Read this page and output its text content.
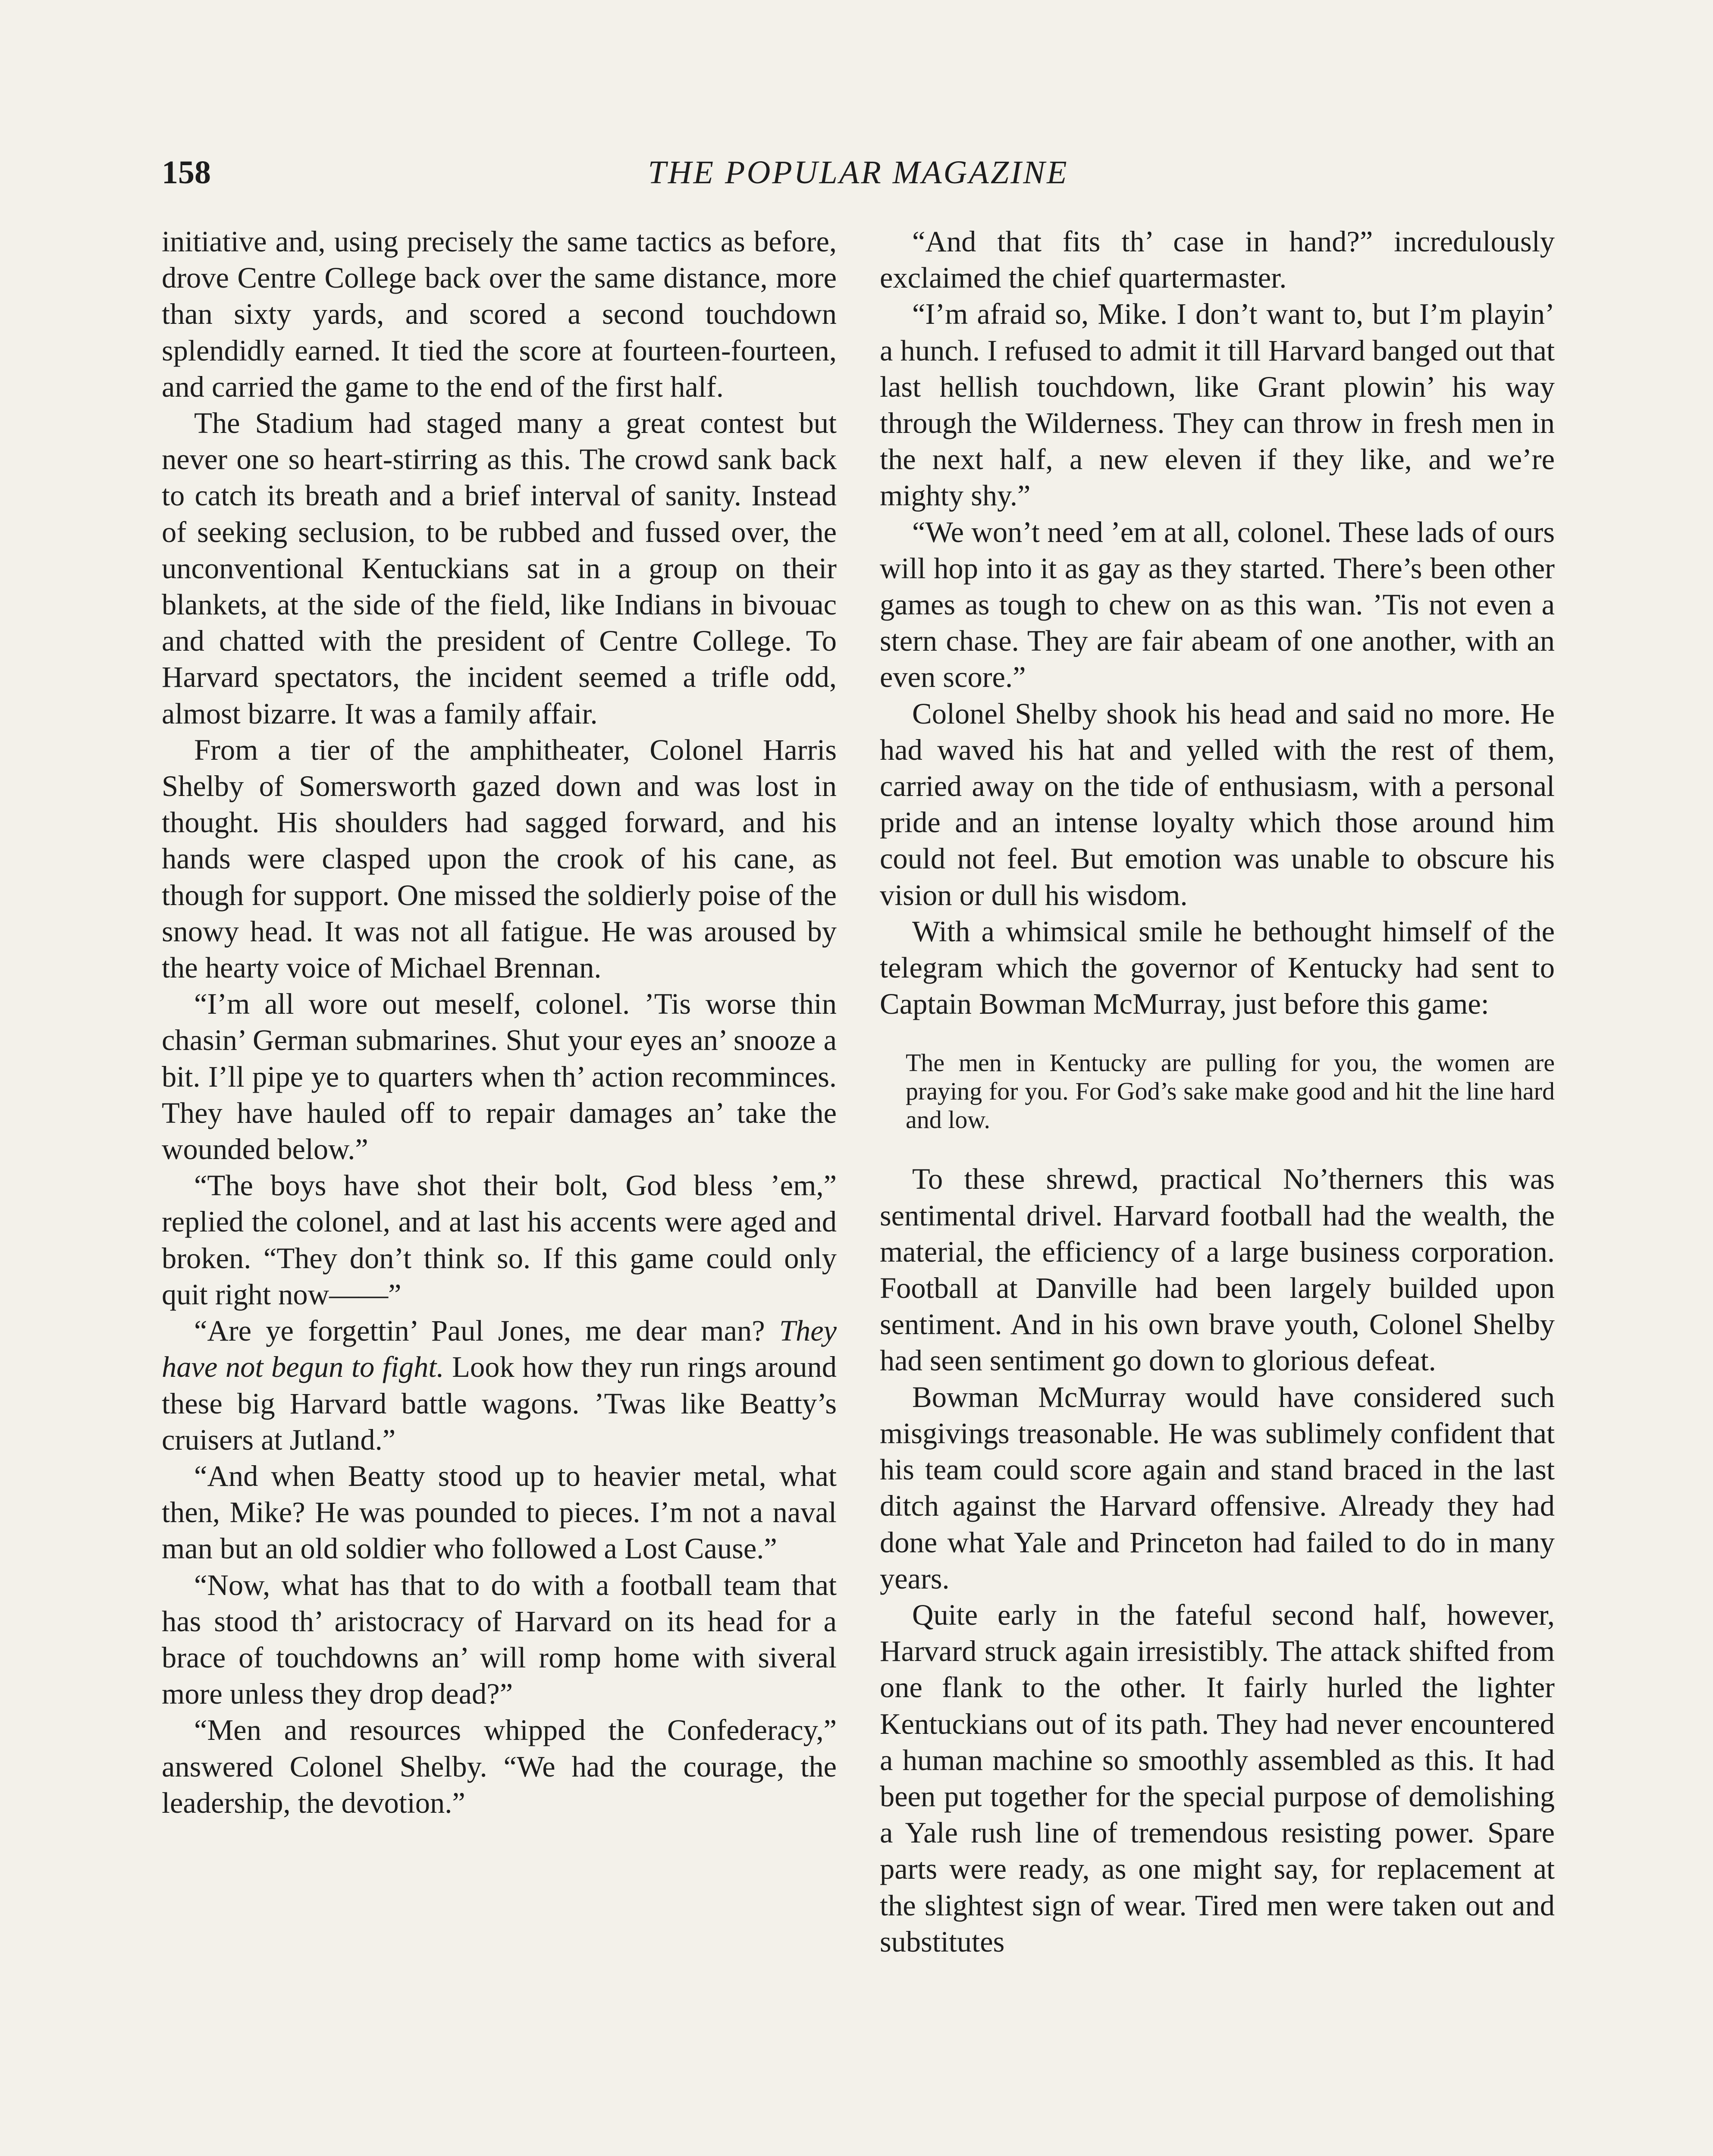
158	THE POPULAR MAGAZINE

initiative and, using precisely the same tactics as before, drove Centre College back over the same distance, more than sixty yards, and scored a second touchdown splendidly earned. It tied the score at fourteen-fourteen, and carried the game to the end of the first half.

The Stadium had staged many a great contest but never one so heart-stirring as this. The crowd sank back to catch its breath and a brief interval of sanity. Instead of seeking seclusion, to be rubbed and fussed over, the unconventional Kentuckians sat in a group on their blankets, at the side of the field, like Indians in bivouac and chatted with the president of Centre College. To Harvard spectators, the incident seemed a trifle odd, almost bizarre. It was a family affair.

From a tier of the amphitheater, Colonel Harris Shelby of Somersworth gazed down and was lost in thought. His shoulders had sagged forward, and his hands were clasped upon the crook of his cane, as though for support. One missed the soldierly poise of the snowy head. It was not all fatigue. He was aroused by the hearty voice of Michael Brennan.

“I’m all wore out meself, colonel. ’Tis worse thin chasin’ German submarines. Shut your eyes an’ snooze a bit. I’ll pipe ye to quarters when th’ action recomminces. They have hauled off to repair damages an’ take the wounded below.”

“The boys have shot their bolt, God bless ’em,” replied the colonel, and at last his accents were aged and broken. “They don’t think so. If this game could only quit right now——”

“Are ye forgettin’ Paul Jones, me dear man? They have not begun to fight. Look how they run rings around these big Harvard battle wagons. ’Twas like Beatty’s cruisers at Jutland.”

“And when Beatty stood up to heavier metal, what then, Mike? He was pounded to pieces. I’m not a naval man but an old soldier who followed a Lost Cause.”

“Now, what has that to do with a football team that has stood th’ aristocracy of Harvard on its head for a brace of touchdowns an’ will romp home with siveral more unless they drop dead?”

“Men and resources whipped the Confederacy,” answered Colonel Shelby. “We had the courage, the leadership, the devotion.”

“And that fits th’ case in hand?” incredulously exclaimed the chief quartermaster.

“I’m afraid so, Mike. I don’t want to, but I’m playin’ a hunch. I refused to admit it till Harvard banged out that last hellish touchdown, like Grant plowin’ his way through the Wilderness. They can throw in fresh men in the next half, a new eleven if they like, and we’re mighty shy.”

“We won’t need ’em at all, colonel. These lads of ours will hop into it as gay as they started. There’s been other games as tough to chew on as this wan. ’Tis not even a stern chase. They are fair abeam of one another, with an even score.”

Colonel Shelby shook his head and said no more. He had waved his hat and yelled with the rest of them, carried away on the tide of enthusiasm, with a personal pride and an intense loyalty which those around him could not feel. But emotion was unable to obscure his vision or dull his wisdom.

With a whimsical smile he bethought himself of the telegram which the governor of Kentucky had sent to Captain Bowman McMurray, just before this game:

The men in Kentucky are pulling for you, the women are praying for you. For God’s sake make good and hit the line hard and low.

To these shrewd, practical No’therners this was sentimental drivel. Harvard football had the wealth, the material, the efficiency of a large business corporation. Football at Danville had been largely builded upon sentiment. And in his own brave youth, Colonel Shelby had seen sentiment go down to glorious defeat.

Bowman McMurray would have considered such misgivings treasonable. He was sublimely confident that his team could score again and stand braced in the last ditch against the Harvard offensive. Already they had done what Yale and Princeton had failed to do in many years.

Quite early in the fateful second half, however, Harvard struck again irresistibly. The attack shifted from one flank to the other. It fairly hurled the lighter Kentuckians out of its path. They had never encountered a human machine so smoothly assembled as this. It had been put together for the special purpose of demolishing a Yale rush line of tremendous resisting power. Spare parts were ready, as one might say, for replacement at the slightest sign of wear. Tired men were taken out and substitutes
